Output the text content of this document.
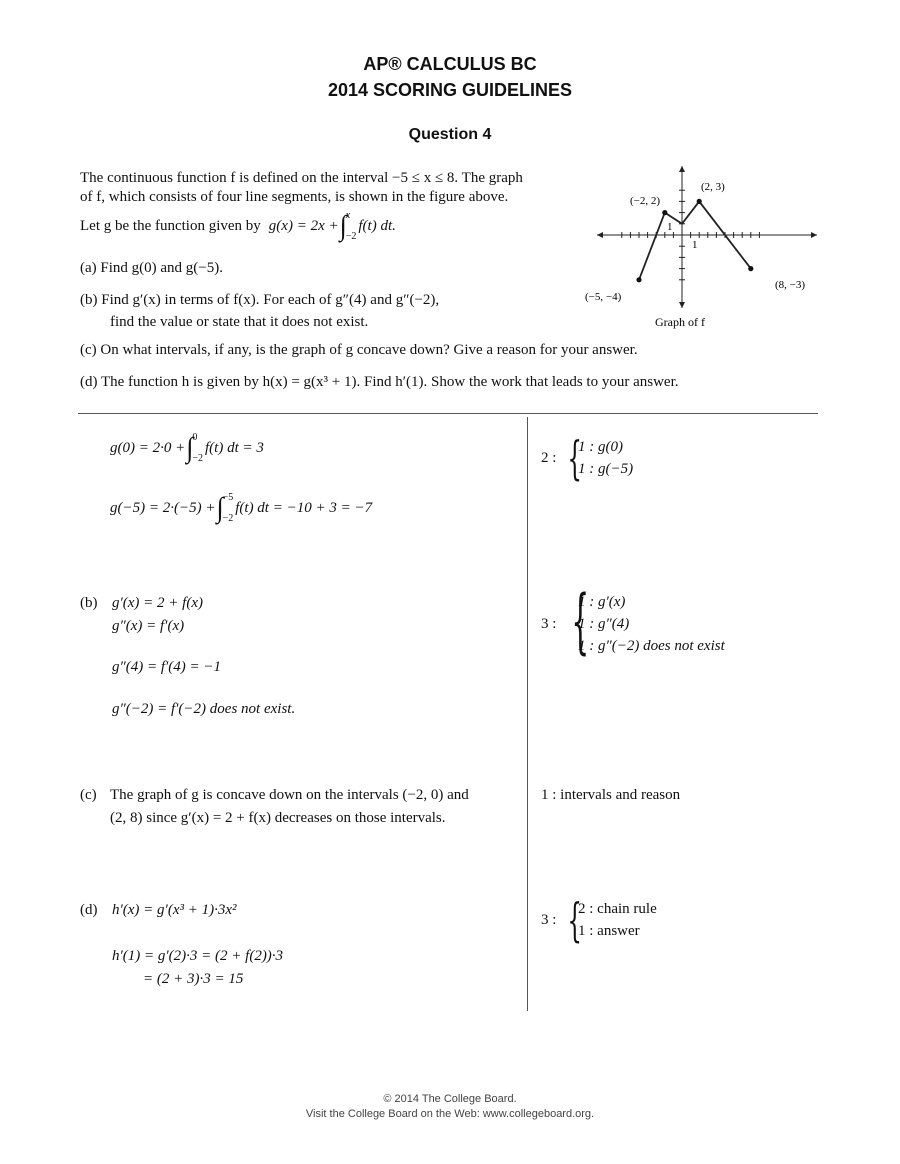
AP® CALCULUS BC
2014 SCORING GUIDELINES
Question 4
The continuous function f is defined on the interval −5 ≤ x ≤ 8. The graph
of f, which consists of four line segments, is shown in the figure above.
Let g be the function given by g(x) = 2x + ∫ x
−2
f(t) dt.
(a) Find g(0) and g(−5).
(b) Find g′(x) in terms of f(x). For each of g″(4) and g″(−2),
find the value or state that it does not exist.
(c) On what intervals, if any, is the graph of g concave down? Give a reason for your answer.
(d) The function h is given by h(x) = g(x³ + 1). Find h′(1). Show the work that leads to your answer.
1
1
(−5, −4)
(−2, 2)
(2, 3)
(8, −3)
Graph of f
g(0) = 2·0 + ∫ 0
−2
f(t) dt = 3
g(−5) = 2·(−5) + ∫ −5
−2
f(t) dt = −10 + 3 = −7
(b) g′(x) = 2 + f(x)
g″(x) = f′(x)
g″(4) = f′(4) = −1
g″(−2) = f′(−2) does not exist.
(c) The graph of g is concave down on the intervals (−2, 0) and
(2, 8) since g′(x) = 2 + f(x) decreases on those intervals.
(d) h′(x) = g′(x³ + 1)·3x²
h′(1) = g′(2)·3 = (2 + f(2))·3
= (2 + 3)·3 = 15
2 : {
1 : g(0)
1 : g(−5)
3 : {
1 : g′(x)
1 : g″(4)
1 : g″(−2) does not exist
1 : intervals and reason
3 : {
2 : chain rule
1 : answer
© 2014 The College Board.
Visit the College Board on the Web: www.collegeboard.org.
